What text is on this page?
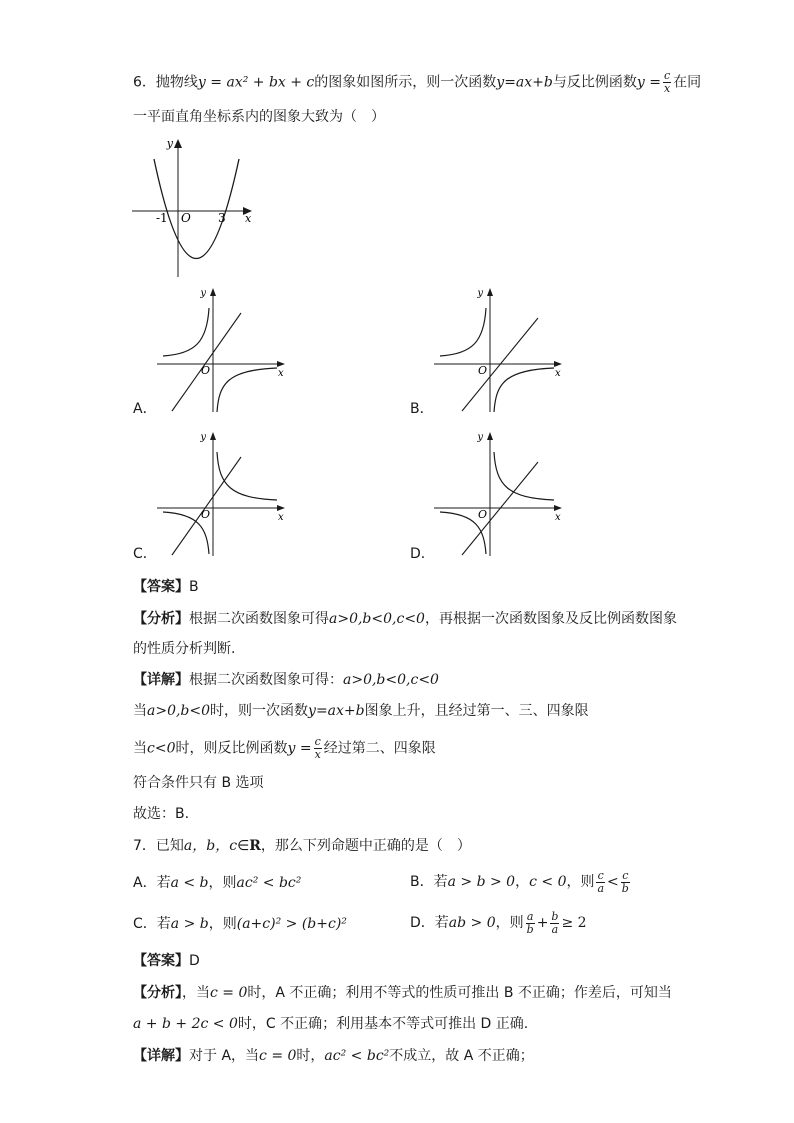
6．抛物线y = ax² + bx + c的图象如图所示，则一次函数y=ax+b与反比例函数$y = \frac{c}{x}$ 在同
一平面直角坐标系内的图象大致为（　）
y
x
O
-1	3
y
x
O
A．
y
x
O
B．
y
x
O
C．
y
x
O
D．
【答案】B
【分析】根据二次函数图象可得a>0,b<0,c<0，再根据一次函数图象及反比例函数图象
的性质分析判断.
【详解】根据二次函数图象可得：a>0,b<0,c<0
当a>0,b<0时，则一次函数y=ax+b图象上升，且经过第一、三、四象限
当c<0时，则反比例函数$y = \frac{c}{x}$ 经过第二、四象限
符合条件只有 B 选项
故选：B.
7．已知a，b，c∈R，那么下列命题中正确的是（　）
A．若a < b，则ac² < bc²	B．若a > b > 0，c < 0，则 $\frac{c}{a} < \frac{c}{b}$
C．若a > b，则(a+c)² > (b+c)²	D．若ab > 0，则 $\frac{a}{b} + \frac{b}{a} \ge 2$
【答案】D
【分析】，当c = 0时，A 不正确；利用不等式的性质可推出 B 不正确；作差后，可知当
a + b + 2c < 0时，C 不正确；利用基本不等式可推出 D 正确.
【详解】对于 A，当c = 0时，ac² < bc²不成立，故 A 不正确；
